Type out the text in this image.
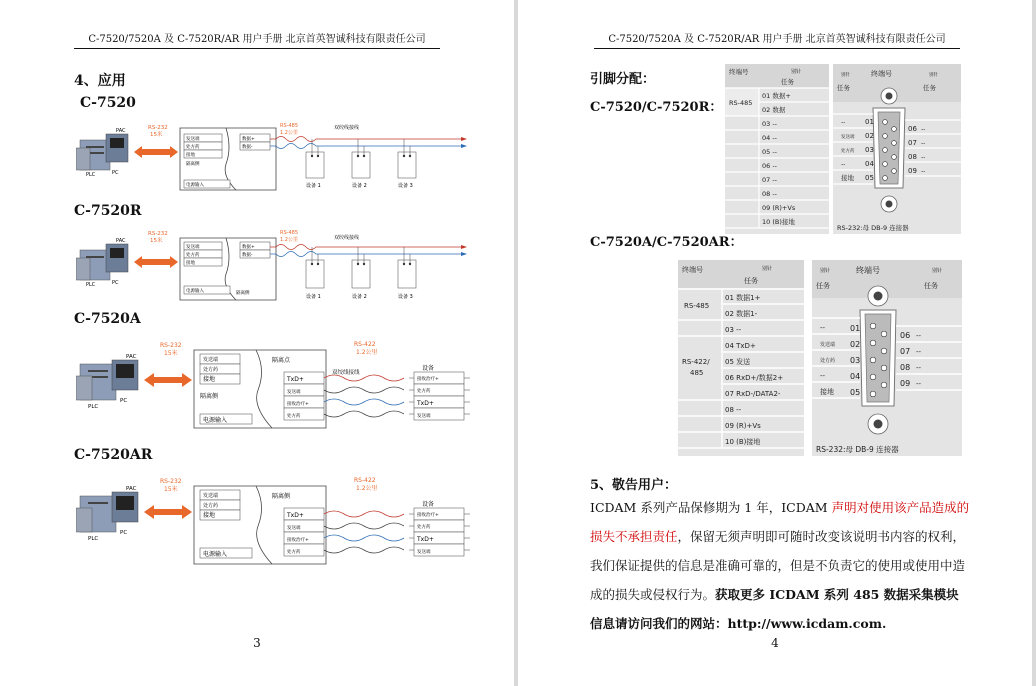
C-7520/7520A 及 C-7520R/AR 用户手册 北京首英智诚科技有限责任公司
4、应用
C-7520
C-7520R
C-7520A
C-7520AR
PAC
PLC	PC
RS-232
15米
发送端
处方药
接地
隔离侧
电源输入
数据+
数据-
RS-485
1.2公里
双绞线接线
设备 1	设备 2	设备 3
PAC
PLC	PC
RS-232
15米
发送端
处方药
接地
电源输入	隔离侧
数据+
数据-
RS-485
1.2公里	双绞线接线
设备 1	设备 2	设备 3
PAC
PLC
PC
RS-232
15米
发送端
处方药
接地
隔离侧
电源输入
隔离点
TxD+
发送端
接收治疗+
处方药
RS-422
1.2公里
双绞线接线
设备
接收治疗+
处方药
TxD+
发送端
PAC
PLC
PC
RS-232
15米
发送端
处方药
接地
电源输入
隔离侧
TxD+
发送端
接收治疗+
处方药
RS-422
1.2公里
设备
接收治疗+
处方药
TxD+
发送端
3
C-7520/7520A 及 C-7520R/AR 用户手册 北京首英智诚科技有限责任公司
引脚分配：
C-7520/C-7520R：
C-7520A/C-7520AR：
终端号	别针
任务
RS-485
01 数据+
02 数据
03 --
04 --
05 --
06 --
07 --
08 --
09 (R)+Vs
10 (B)接地
别针	终端号	别针
任务	任务
--	01
发送端 02
处方药 03
--	04
接地 05
06 --
07 --
08 --
09 --
RS-232:母 DB-9 连接器
终端号	别针
任务
RS-485
RS-422/
485
01 数据1+
02 数据1-
03 --
04 TxD+
05 发送
06 RxD+/数据2+
07 RxD-/DATA2-
08 --
09 (R)+Vs
10 (B)接地
别针	终端号	别针
任务	任务
--	01
发送端 02
处方药 03
--	04
接地 05
06 --
07 --
08 --
09 --
RS-232:母 DB-9 连接器
5、敬告用户：
ICDAM 系列产品保修期为 1 年，ICDAM 声明对使用该产品造成的损失不承担责任，保留无须声明即可随时改变该说明书内容的权利，我们保证提供的信息是准确可靠的，但是不负责它的使用或使用中造成的损失或侵权行为。获取更多 ICDAM 系列 485 数据采集模块信息请访问我们的网站：http://www.icdam.com.
4
